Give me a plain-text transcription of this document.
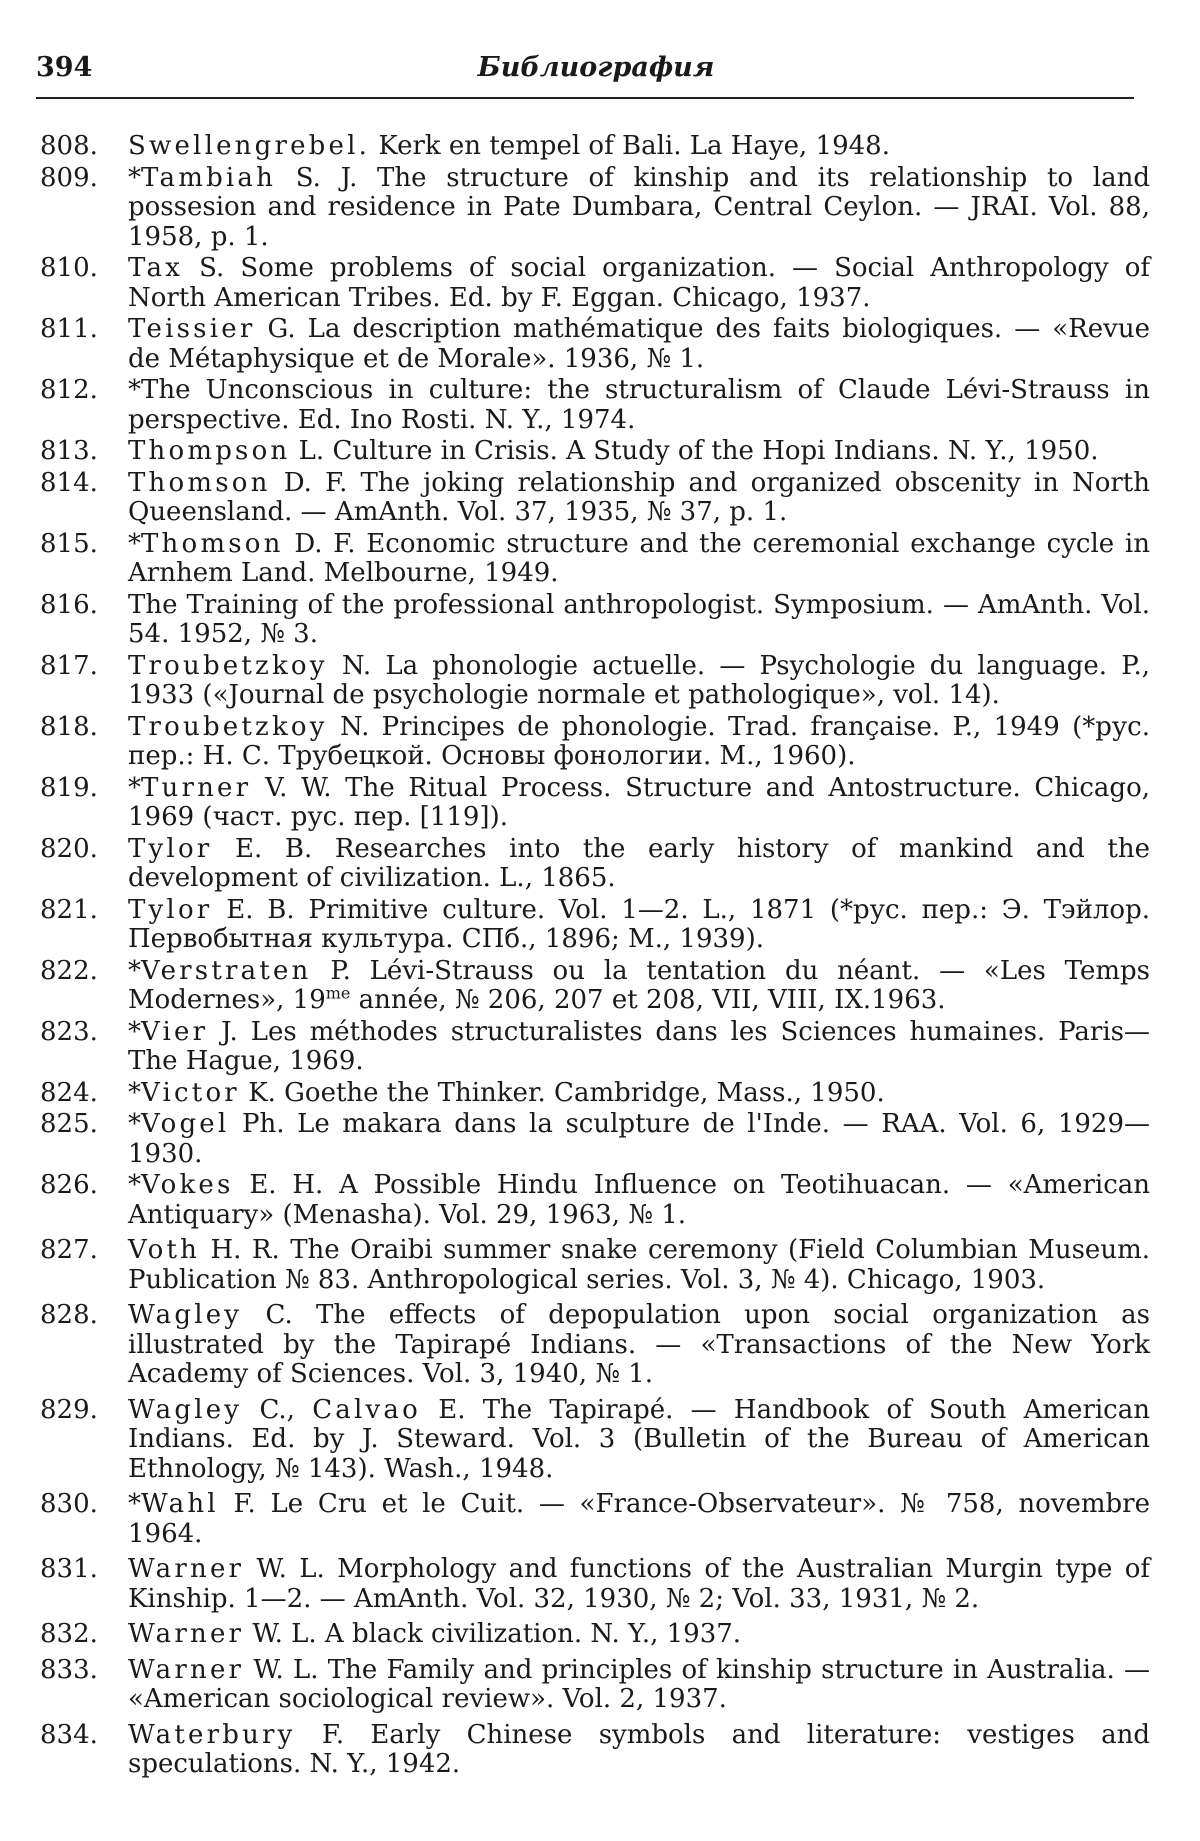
394	Библиография
808.	Swellengrebel. Kerk en tempel of Bali. La Haye, 1948.
809.	*Tambiah S. J. The structure of kinship and its relationship to land possesion and residence in Pate Dumbara, Central Ceylon. — JRAI. Vol. 88, 1958, p. 1.
810.	Tax S. Some problems of social organization. — Social Anthropology of North American Tribes. Ed. by F. Eggan. Chicago, 1937.
811.	Teissier G. La description mathématique des faits biologiques. — «Revue de Métaphysique et de Morale». 1936, № 1.
812.	*The Unconscious in culture: the structuralism of Claude Lévi-Strauss in perspective. Ed. Ino Rosti. N. Y., 1974.
813.	Thompson L. Culture in Crisis. A Study of the Hopi Indians. N. Y., 1950.
814.	Thomson D. F. The joking relationship and organized obscenity in North Queensland. — AmAnth. Vol. 37, 1935, № 37, p. 1.
815.	*Thomson D. F. Economic structure and the ceremonial exchange cycle in Arnhem Land. Melbourne, 1949.
816.	The Training of the professional anthropologist. Symposium. — AmAnth. Vol. 54. 1952, № 3.
817.	Troubetzkoy N. La phonologie actuelle. — Psychologie du language. P., 1933 («Journal de psychologie normale et pathologique», vol. 14).
818.	Troubetzkoy N. Principes de phonologie. Trad. française. P., 1949 (*рус. пер.: Н. С. Трубецкой. Основы фонологии. М., 1960).
819.	*Turner V. W. The Ritual Process. Structure and Antostructure. Chicago, 1969 (част. рус. пер. [119]).
820.	Tylor E. B. Researches into the early history of mankind and the development of civilization. L., 1865.
821.	Tylor E. B. Primitive culture. Vol. 1—2. L., 1871 (*рус. пер.: Э. Тэйлор. Первобытная культура. СПб., 1896; М., 1939).
822.	*Verstraten P. Lévi-Strauss ou la tentation du néant. — «Les Temps Modernes», 19me année, № 206, 207 et 208, VII, VIII, IX.1963.
823.	*Vier J. Les méthodes structuralistes dans les Sciences humaines. Paris—The Hague, 1969.
824.	*Victor K. Goethe the Thinker. Cambridge, Mass., 1950.
825.	*Vogel Ph. Le makara dans la sculpture de l'Inde. — RAA. Vol. 6, 1929—1930.
826.	*Vokes E. H. A Possible Hindu Influence on Teotihuacan. — «American Antiquary» (Menasha). Vol. 29, 1963, № 1.
827.	Voth H. R. The Oraibi summer snake ceremony (Field Columbian Museum. Publication № 83. Anthropological series. Vol. 3, № 4). Chicago, 1903.
828.	Wagley C. The effects of depopulation upon social organization as illustrated by the Tapirapé Indians. — «Transactions of the New York Academy of Sciences. Vol. 3, 1940, № 1.
829.	Wagley C., Calvao E. The Tapirapé. — Handbook of South American Indians. Ed. by J. Steward. Vol. 3 (Bulletin of the Bureau of American Ethnology, № 143). Wash., 1948.
830.	*Wahl F. Le Cru et le Cuit. — «France-Observateur». № 758, novembre 1964.
831.	Warner W. L. Morphology and functions of the Australian Murgin type of Kinship. 1—2. — AmAnth. Vol. 32, 1930, № 2; Vol. 33, 1931, № 2.
832.	Warner W. L. A black civilization. N. Y., 1937.
833.	Warner W. L. The Family and principles of kinship structure in Australia. — «American sociological review». Vol. 2, 1937.
834.	Waterbury F. Early Chinese symbols and literature: vestiges and speculations. N. Y., 1942.
